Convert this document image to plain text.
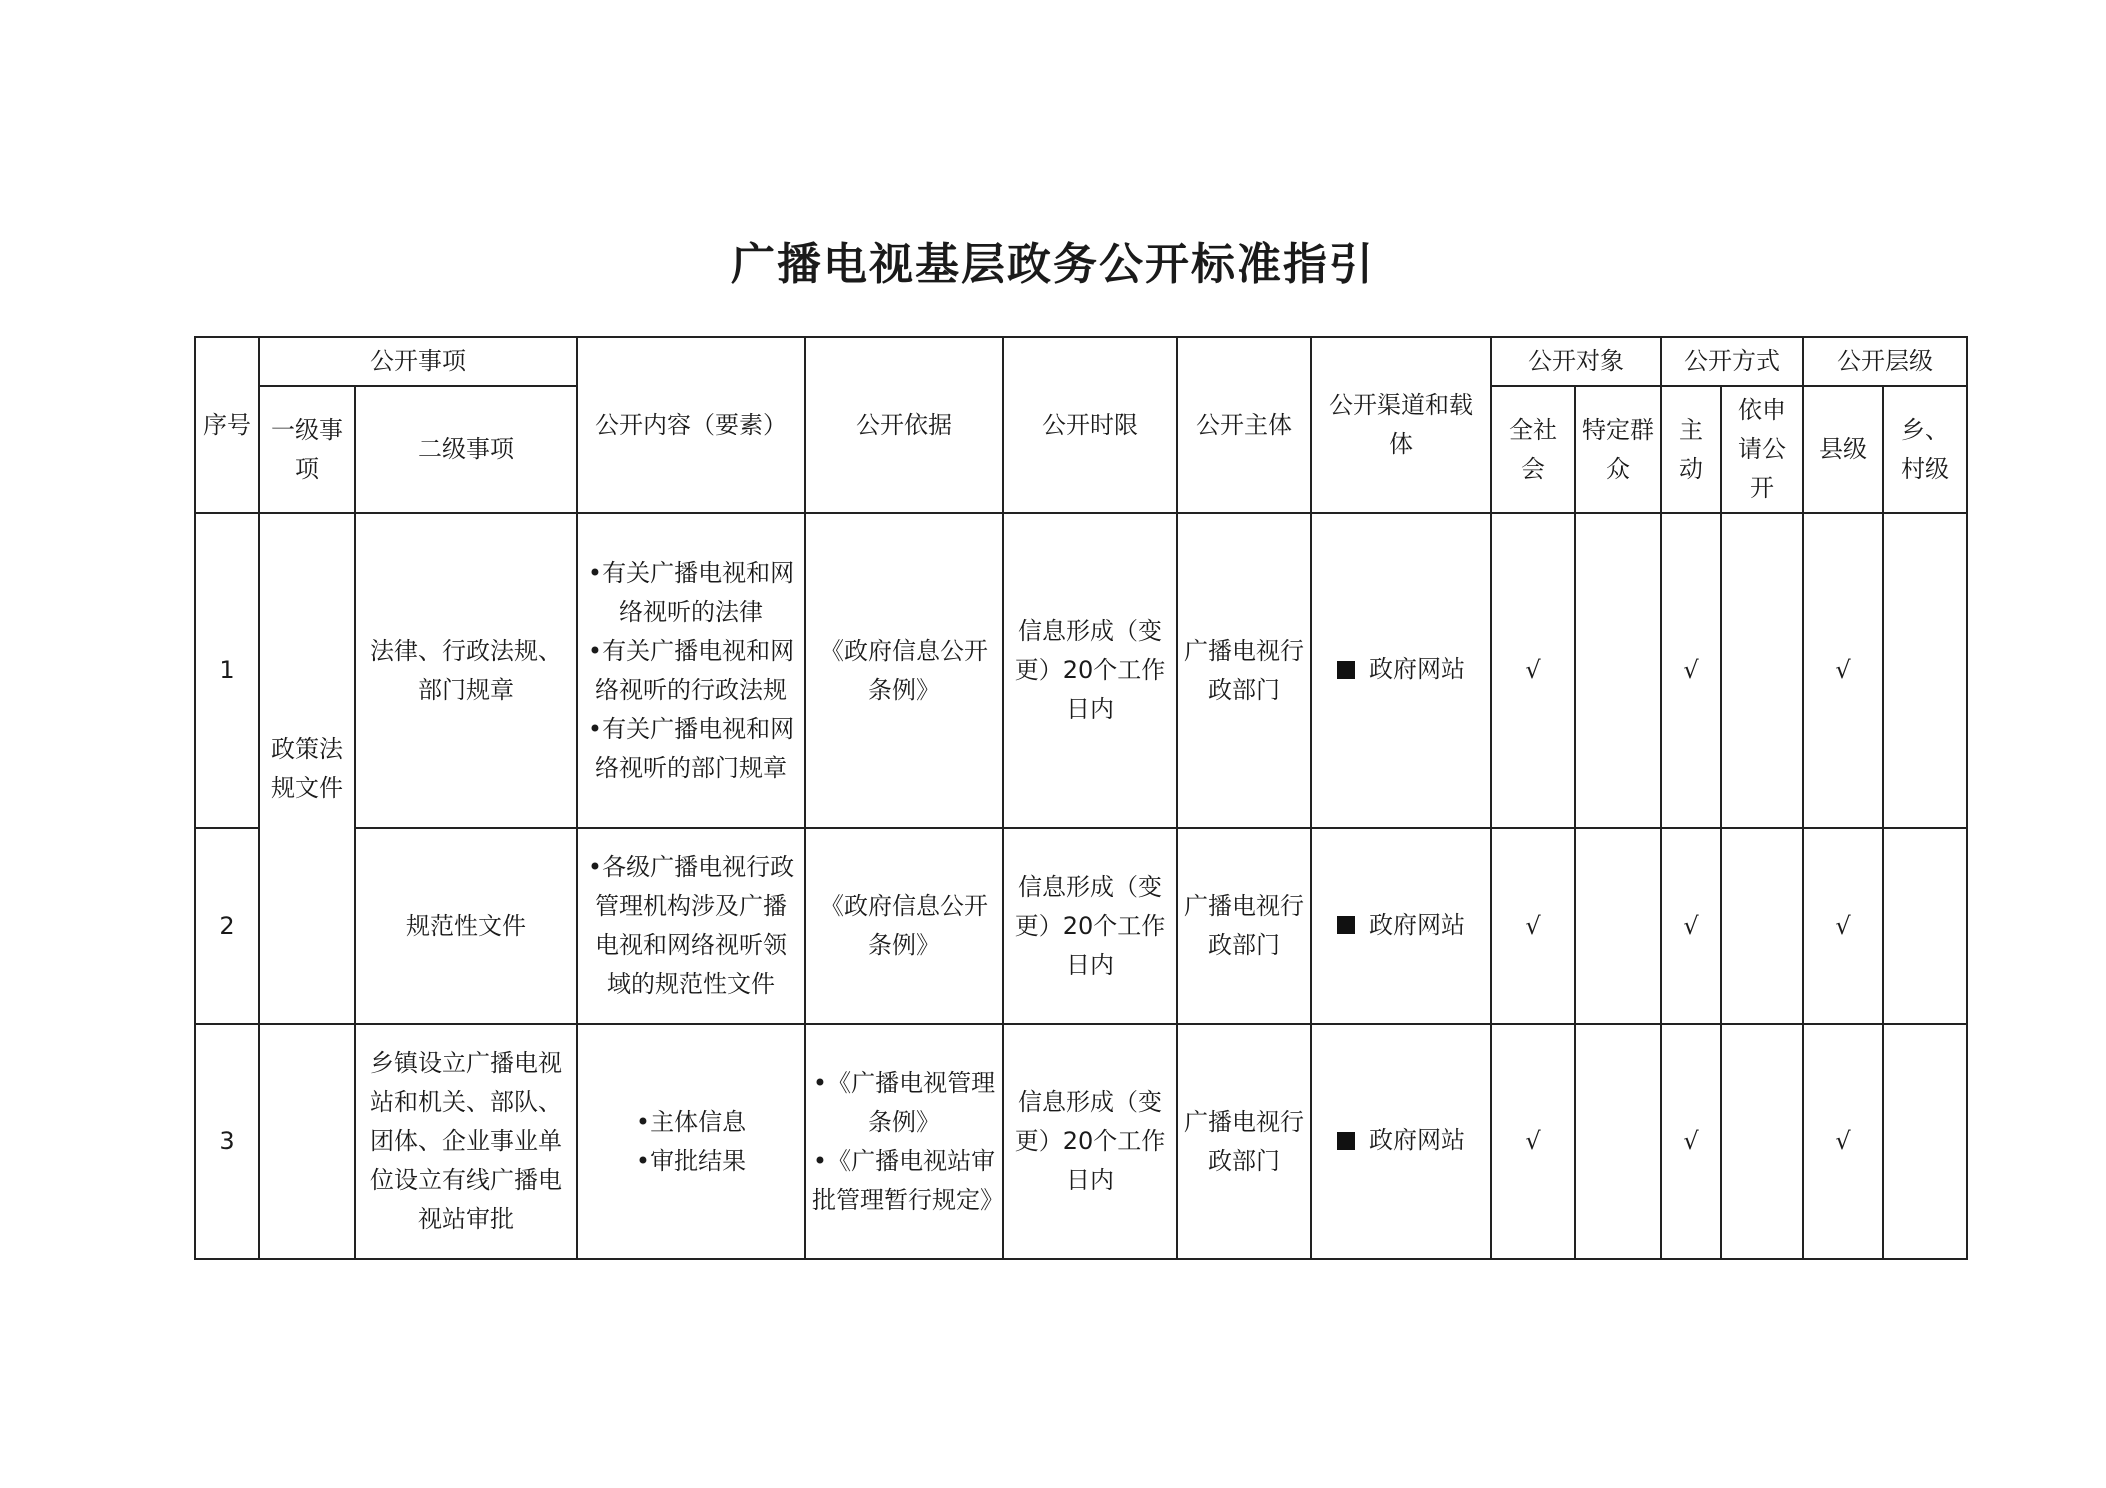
广播电视基层政务公开标准指引
序号	公开事项		公开内容（要素）	公开依据	公开时限	公开主体	公开渠道和载体	公开对象		公开方式		公开层级	
	一级事项	二级事项						全社会	特定群众	主动	依申请公开	县级	乡、村级
1	政策法规文件	法律、行政法规、部门规章	•有关广播电视和网络视听的法律
•有关广播电视和网络视听的行政法规
•有关广播电视和网络视听的部门规章	《政府信息公开条例》	信息形成（变更）20个工作日内	广播电视行政部门	政府网站	√		√		√	
2		规范性文件	•各级广播电视行政管理机构涉及广播电视和网络视听领域的规范性文件	《政府信息公开条例》	信息形成（变更）20个工作日内	广播电视行政部门	政府网站	√		√		√	
3		乡镇设立广播电视站和机关、部队、团体、企业事业单位设立有线广播电视站审批	•主体信息
•审批结果	•《广播电视管理条例》
•《广播电视站审批管理暂行规定》	信息形成（变更）20个工作日内	广播电视行政部门	政府网站	√		√		√	
